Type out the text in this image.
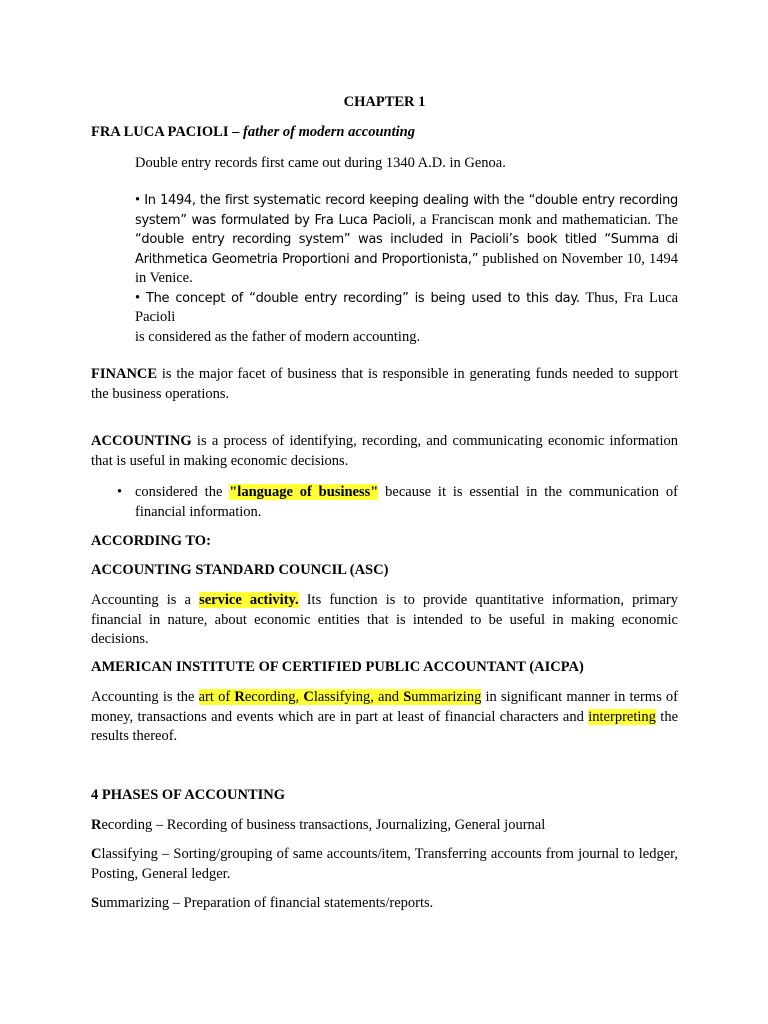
CHAPTER 1

FRA LUCA PACIOLI – father of modern accounting

Double entry records first came out during 1340 A.D. in Genoa.

• In 1494, the first systematic record keeping dealing with the “double entry recording
system” was formulated by Fra Luca Pacioli, a Franciscan monk and mathematician. The
“double entry recording system” was included in Pacioli’s book titled “Summa di
Arithmetica Geometria Proportioni and Proportionista,” published on November 10, 1494
in Venice.
• The concept of “double entry recording” is being used to this day. Thus, Fra Luca Pacioli
is considered as the father of modern accounting.

FINANCE is the major facet of business that is responsible in generating funds needed to support the business operations.

ACCOUNTING is a process of identifying, recording, and communicating economic information that is useful in making economic decisions.

• considered the "language of business" because it is essential in the communication of financial information.

ACCORDING TO:

ACCOUNTING STANDARD COUNCIL (ASC)

Accounting is a service activity. Its function is to provide quantitative information, primary financial in nature, about economic entities that is intended to be useful in making economic decisions.

AMERICAN INSTITUTE OF CERTIFIED PUBLIC ACCOUNTANT (AICPA)

Accounting is the art of Recording, Classifying, and Summarizing in significant manner in terms of money, transactions and events which are in part at least of financial characters and interpreting the results thereof.

4 PHASES OF ACCOUNTING

Recording – Recording of business transactions, Journalizing, General journal

Classifying – Sorting/grouping of same accounts/item, Transferring accounts from journal to ledger, Posting, General ledger.

Summarizing – Preparation of financial statements/reports.
